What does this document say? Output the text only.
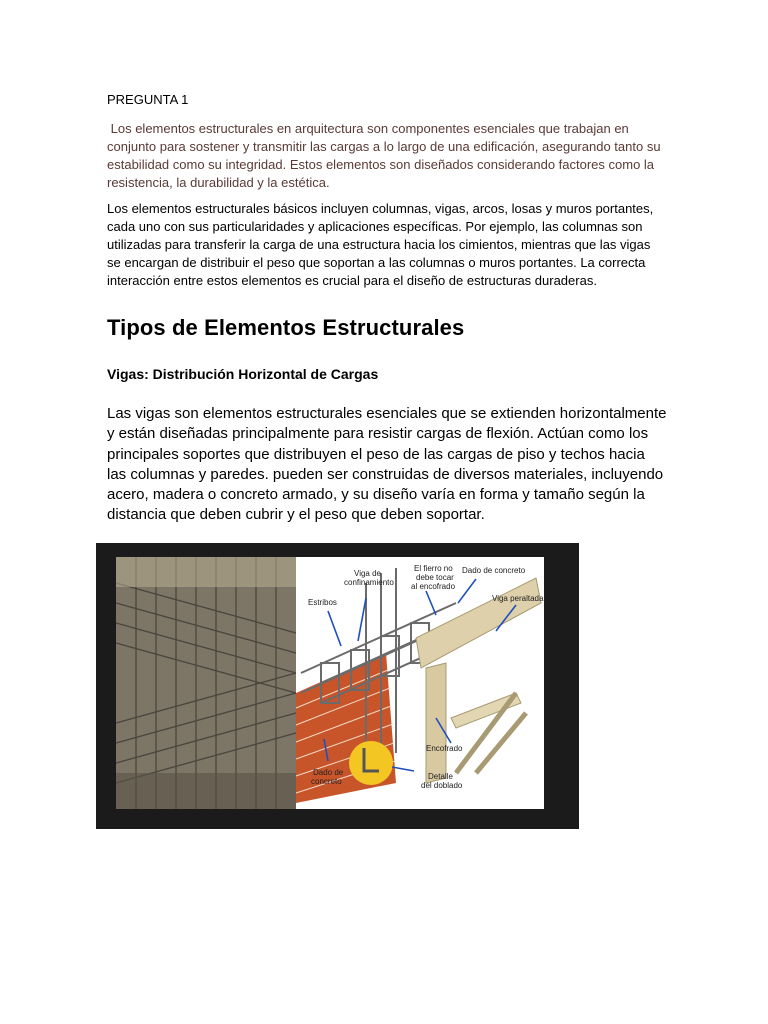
PREGUNTA 1
Los elementos estructurales en arquitectura son componentes esenciales que trabajan en conjunto para sostener y transmitir las cargas a lo largo de una edificación, asegurando tanto su estabilidad como su integridad. Estos elementos son diseñados considerando factores como la resistencia, la durabilidad y la estética.
Los elementos estructurales básicos incluyen columnas, vigas, arcos, losas y muros portantes, cada uno con sus particularidades y aplicaciones específicas. Por ejemplo, las columnas son utilizadas para transferir la carga de una estructura hacia los cimientos, mientras que las vigas se encargan de distribuir el peso que soportan a las columnas o muros portantes. La correcta interacción entre estos elementos es crucial para el diseño de estructuras duraderas.
Tipos de Elementos Estructurales
Vigas: Distribución Horizontal de Cargas
Las vigas son elementos estructurales esenciales que se extienden horizontalmente y están diseñadas principalmente para resistir cargas de flexión. Actúan como los principales soportes que distribuyen el peso de las cargas de piso y techos hacia las columnas y paredes. pueden ser construidas de diversos materiales, incluyendo acero, madera o concreto armado, y su diseño varía en forma y tamaño según la distancia que deben cubrir y el peso que deben soportar.
Viga de confinamiento
Estribos
El fierro no debe tocar al encofrado
Dado de concreto
Viga peraltada
Encofrado
Dado de concreto
Detalle del doblado
